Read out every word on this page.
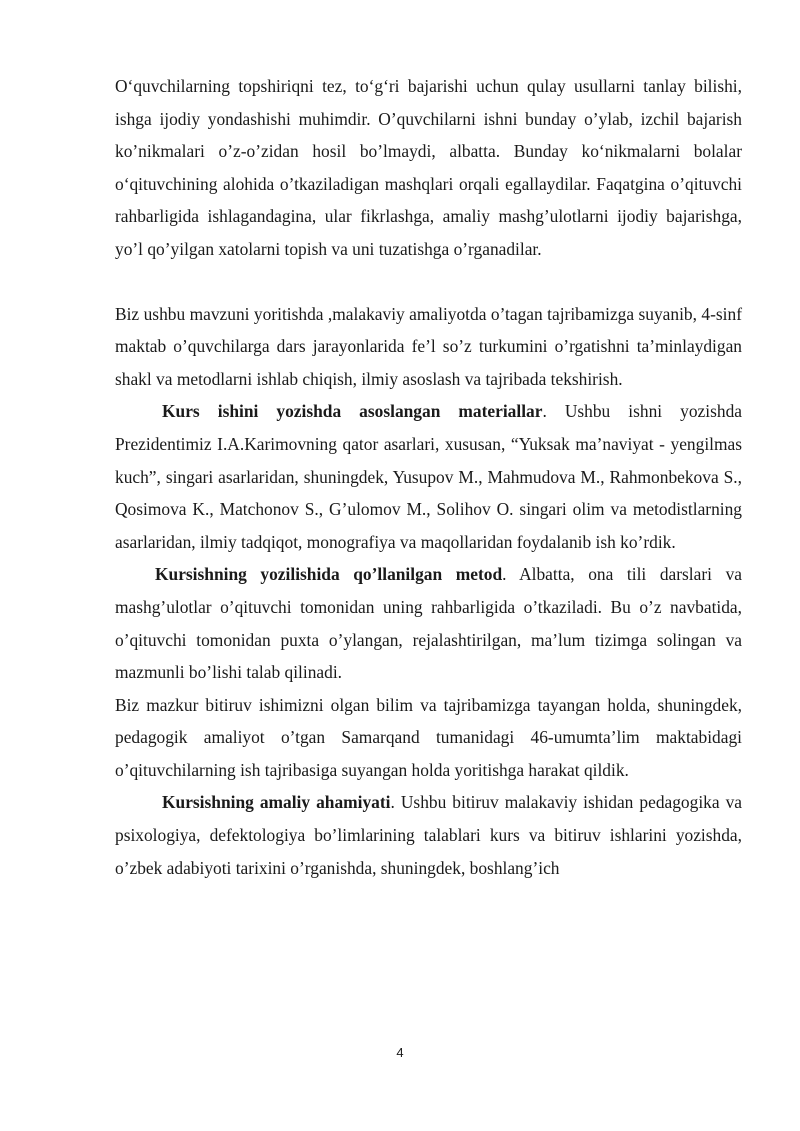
O‘quvchilarning topshiriqni tez, to‘g‘ri bajarishi uchun qulay usullarni tanlay bilishi, ishga ijodiy yondashishi muhimdir. O’quvchilarni ishni bunday o’ylab, izchil bajarish ko’nikmalari o’z-o’zidan hosil bo’lmaydi, albatta. Bunday ko‘nikmalarni bolalar o‘qituvchining alohida o’tkaziladigan mashqlari orqali egallaydilar. Faqatgina o’qituvchi rahbarligida ishlagandagina, ular fikrlashga, amaliy mashg’ulotlarni ijodiy bajarishga, yo’l qo’yilgan xatolarni topish va uni tuzatishga o’rganadilar.

Biz ushbu mavzuni yoritishda ,malakaviy amaliyotda o’tagan tajribamizga suyanib, 4-sinf maktab o’quvchilarga dars jarayonlarida fe’l so’z turkumini o’rgatishni ta’minlaydigan shakl va metodlarni ishlab chiqish, ilmiy asoslash va tajribada tekshirish.

Kurs ishini yozishda asoslangan materiallar. Ushbu ishni yozishda Prezidentimiz I.A.Karimovning qator asarlari, xususan, “Yuksak ma’naviyat - yengilmas kuch”, singari asarlaridan, shuningdek, Yusupov M., Mahmudova M., Rahmonbekova S., Qosimova K., Matchonov S., G’ulomov M., Solihov O. singari olim va metodistlarning asarlaridan, ilmiy tadqiqot, monografiya va maqollaridan foydalanib ish ko’rdik.

Kursishning yozilishida qo’llanilgan metod. Albatta, ona tili darslari va mashg’ulotlar o’qituvchi tomonidan uning rahbarligida o’tkaziladi. Bu o’z navbatida, o’qituvchi tomonidan puxta o’ylangan, rejalashtirilgan, ma’lum tizimga solingan va mazmunli bo’lishi talab qilinadi.

Biz mazkur bitiruv ishimizni olgan bilim va tajribamizga tayangan holda, shuningdek, pedagogik amaliyot o’tgan Samarqand tumanidagi 46-umumta’lim maktabidagi o’qituvchilarning ish tajribasiga suyangan holda yoritishga harakat qildik.

Kursishning amaliy ahamiyati. Ushbu bitiruv malakaviy ishidan pedagogika va psixologiya, defektologiya bo’limlarining talablari kurs va bitiruv ishlarini yozishda, o’zbek adabiyoti tarixini o’rganishda, shuningdek, boshlang’ich

4
